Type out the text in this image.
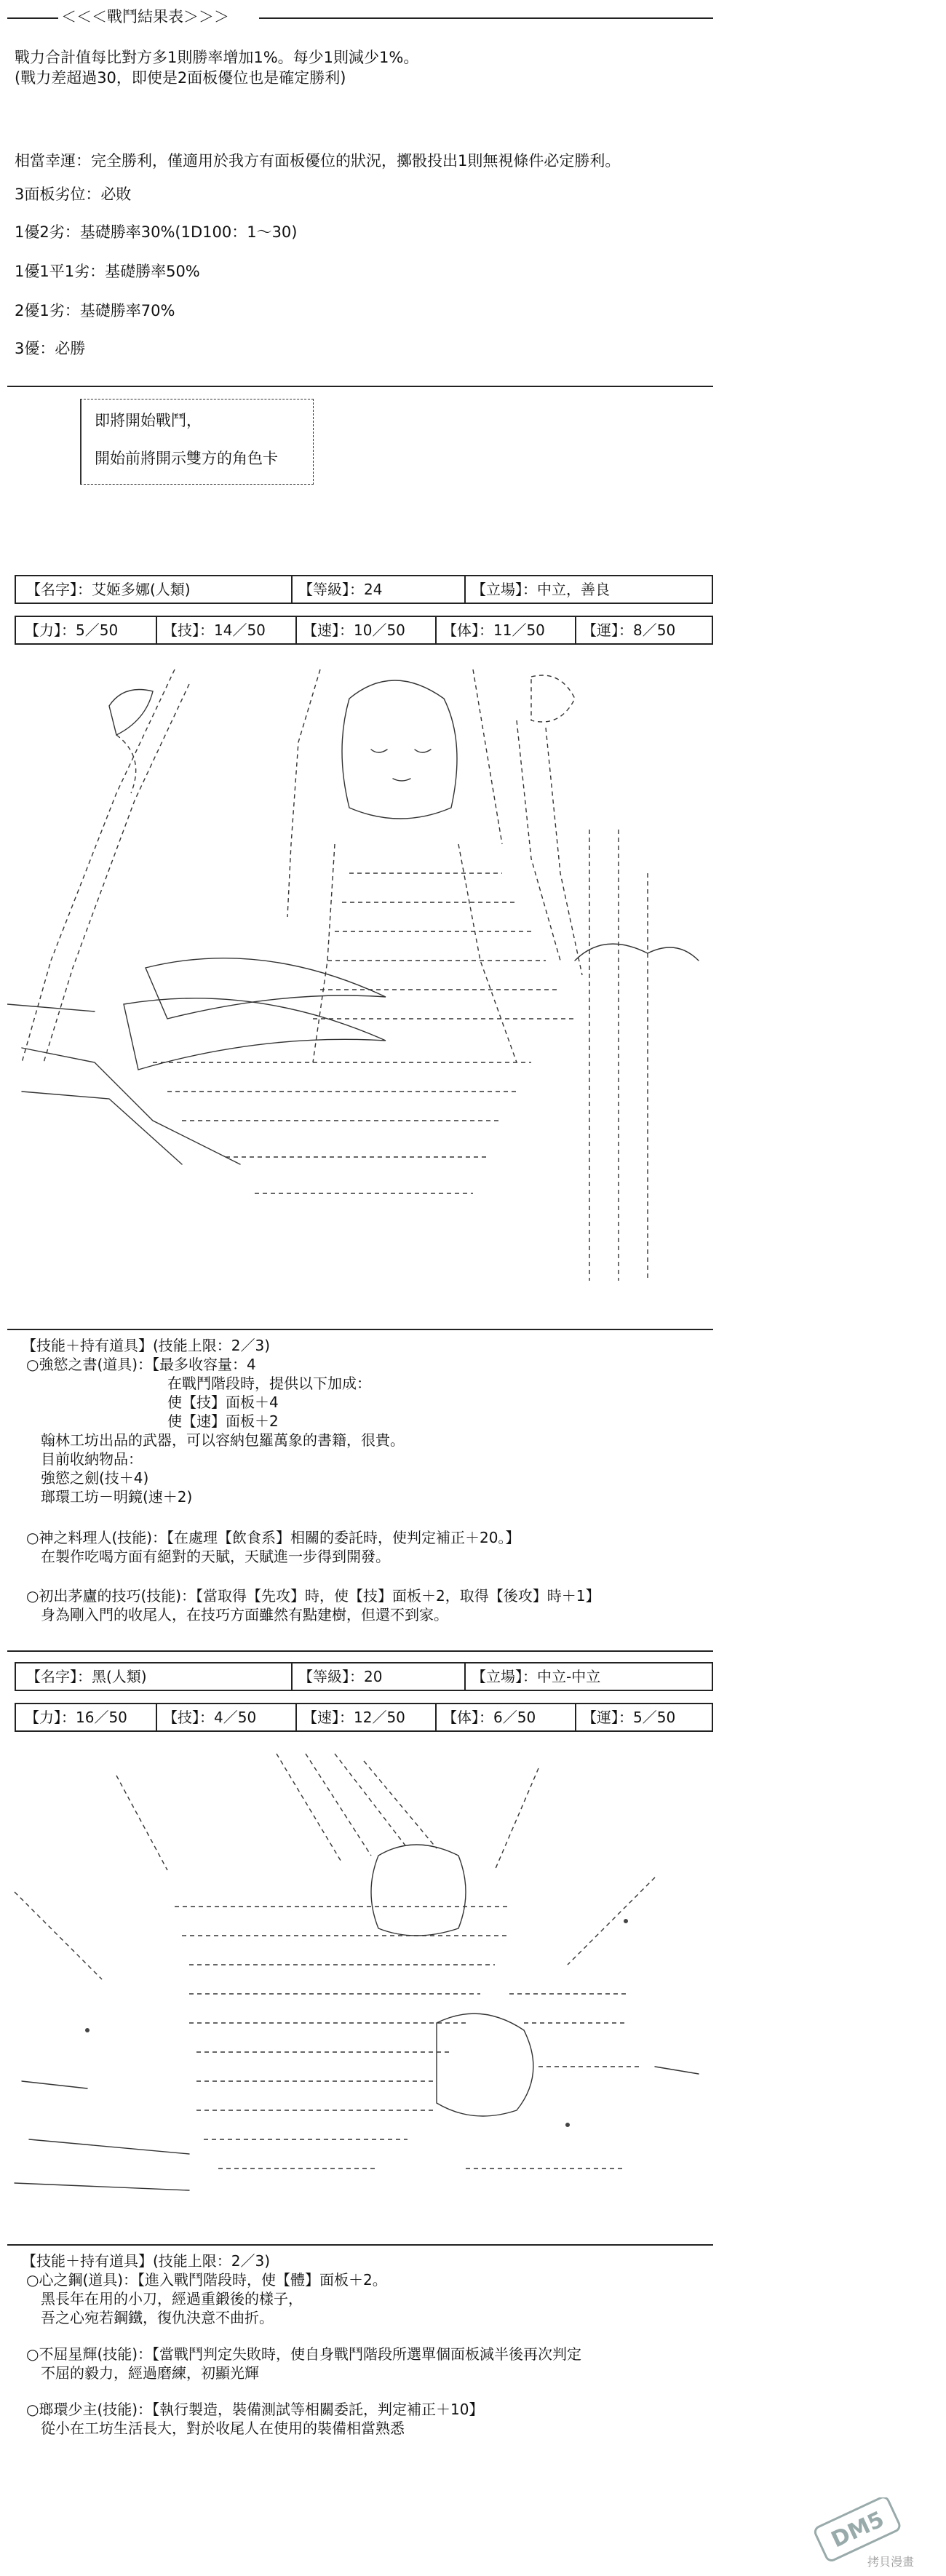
＜＜＜戰鬥結果表＞＞＞
戰力合計值每比對方多1則勝率增加1%。每少1則減少1%。
(戰力差超過30，即使是2面板優位也是確定勝利)
相當幸運：完全勝利，僅適用於我方有面板優位的狀況，擲骰投出1則無視條件必定勝利。
3面板劣位：必敗
1優2劣：基礎勝率30%(1D100：1～30)
1優1平1劣：基礎勝率50%
2優1劣：基礎勝率70%
3優：必勝
即將開始戰鬥，
開始前將開示雙方的角色卡
【名字】：艾姬多娜(人類)	【等級】：24	【立場】：中立，善良
【力】：5／50	【技】：14／50	【速】：10／50	【体】：11／50	【運】：8／50
【技能＋持有道具】(技能上限：2／3)
○強慾之書(道具)：【最多收容量：4
在戰鬥階段時，提供以下加成：
使【技】面板＋4
使【速】面板＋2
翰林工坊出品的武器，可以容納包羅萬象的書籍，很貴。
目前收納物品：
強慾之劍(技＋4)
瑯環工坊－明鏡(速＋2)
○神之料理人(技能)：【在處理【飲食系】相關的委託時，使判定補正＋20。】
在製作吃喝方面有絕對的天賦，天賦進一步得到開發。
○初出茅廬的技巧(技能)：【當取得【先攻】時，使【技】面板＋2，取得【後攻】時＋1】
身為剛入門的收尾人，在技巧方面雖然有點建樹，但還不到家。
【名字】：黑(人類)	【等級】：20	【立場】：中立-中立
【力】：16／50 【技】：4／50	【速】：12／50	【体】：6／50	【運】：5／50
【技能＋持有道具】(技能上限：2／3)
○心之鋼(道具)：【進入戰鬥階段時，使【體】面板＋2。
黑長年在用的小刀，經過重鍛後的樣子，
吾之心宛若鋼鐵，復仇決意不曲折。
○不屈星輝(技能)：【當戰鬥判定失敗時，使自身戰鬥階段所選單個面板減半後再次判定
不屈的毅力，經過磨練，初顯光輝
○瑯環少主(技能)：【執行製造，裝備測試等相關委託，判定補正＋10】
從小在工坊生活長大，對於收尾人在使用的裝備相當熟悉
DM5
拷貝漫畫
